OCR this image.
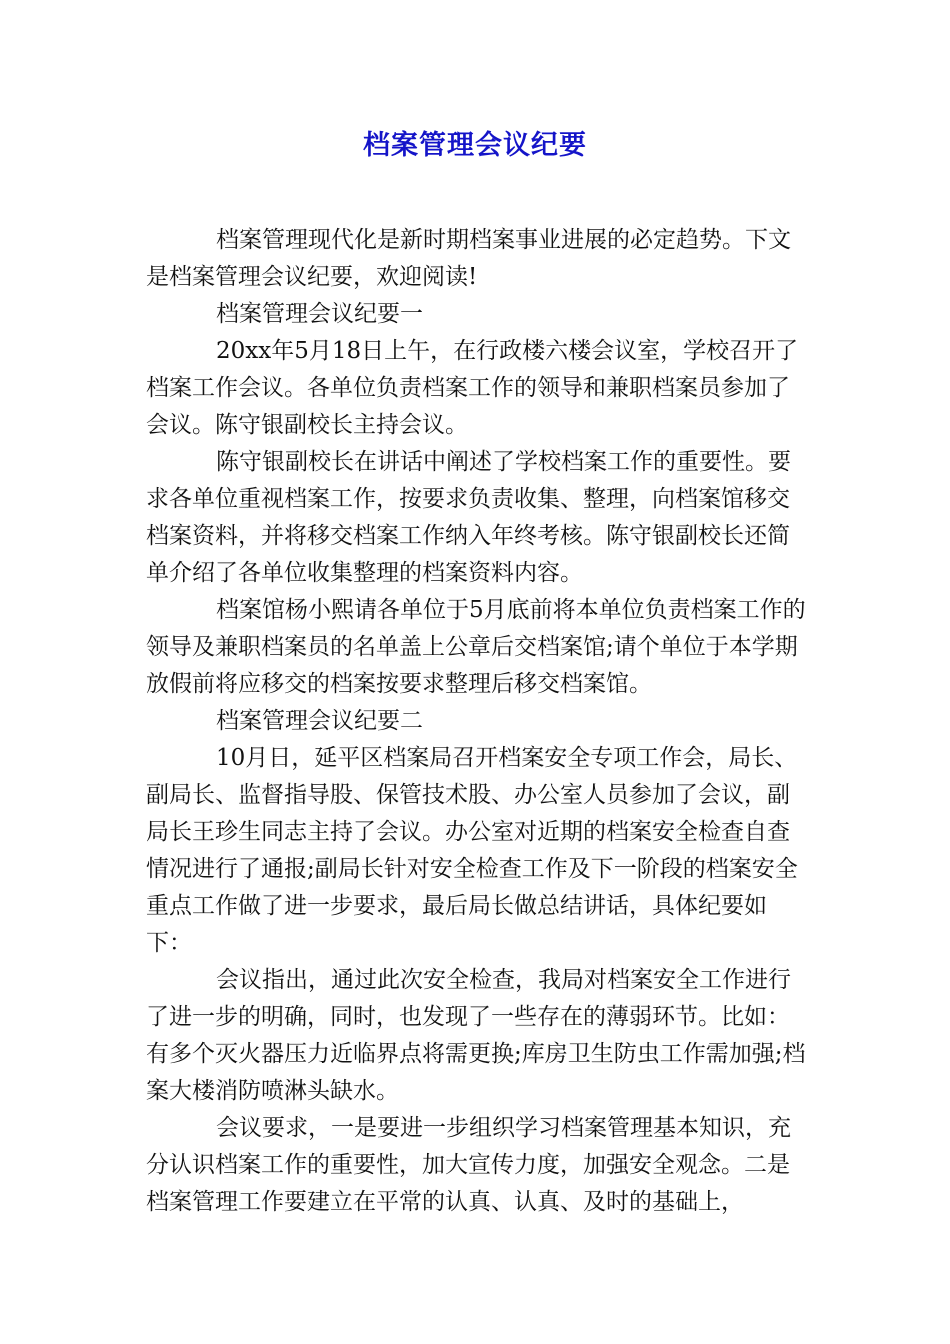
档案管理会议纪要

档案管理现代化是新时期档案事业进展的必定趋势。下文是档案管理会议纪要，欢迎阅读!

档案管理会议纪要一

20xx年5月18日上午，在行政楼六楼会议室，学校召开了档案工作会议。各单位负责档案工作的领导和兼职档案员参加了会议。陈守银副校长主持会议。

陈守银副校长在讲话中阐述了学校档案工作的重要性。要求各单位重视档案工作，按要求负责收集、整理，向档案馆移交档案资料，并将移交档案工作纳入年终考核。陈守银副校长还简单介绍了各单位收集整理的档案资料内容。

档案馆杨小熙请各单位于5月底前将本单位负责档案工作的领导及兼职档案员的名单盖上公章后交档案馆;请个单位于本学期放假前将应移交的档案按要求整理后移交档案馆。

档案管理会议纪要二

10月日，延平区档案局召开档案安全专项工作会，局长、副局长、监督指导股、保管技术股、办公室人员参加了会议，副局长王珍生同志主持了会议。办公室对近期的档案安全检查自查情况进行了通报;副局长针对安全检查工作及下一阶段的档案安全重点工作做了进一步要求，最后局长做总结讲话，具体纪要如下：

会议指出，通过此次安全检查，我局对档案安全工作进行了进一步的明确，同时，也发现了一些存在的薄弱环节。比如：有多个灭火器压力近临界点将需更换;库房卫生防虫工作需加强;档案大楼消防喷淋头缺水。

会议要求，一是要进一步组织学习档案管理基本知识，充分认识档案工作的重要性，加大宣传力度，加强安全观念。二是档案管理工作要建立在平常的认真、认真、及时的基础上，
